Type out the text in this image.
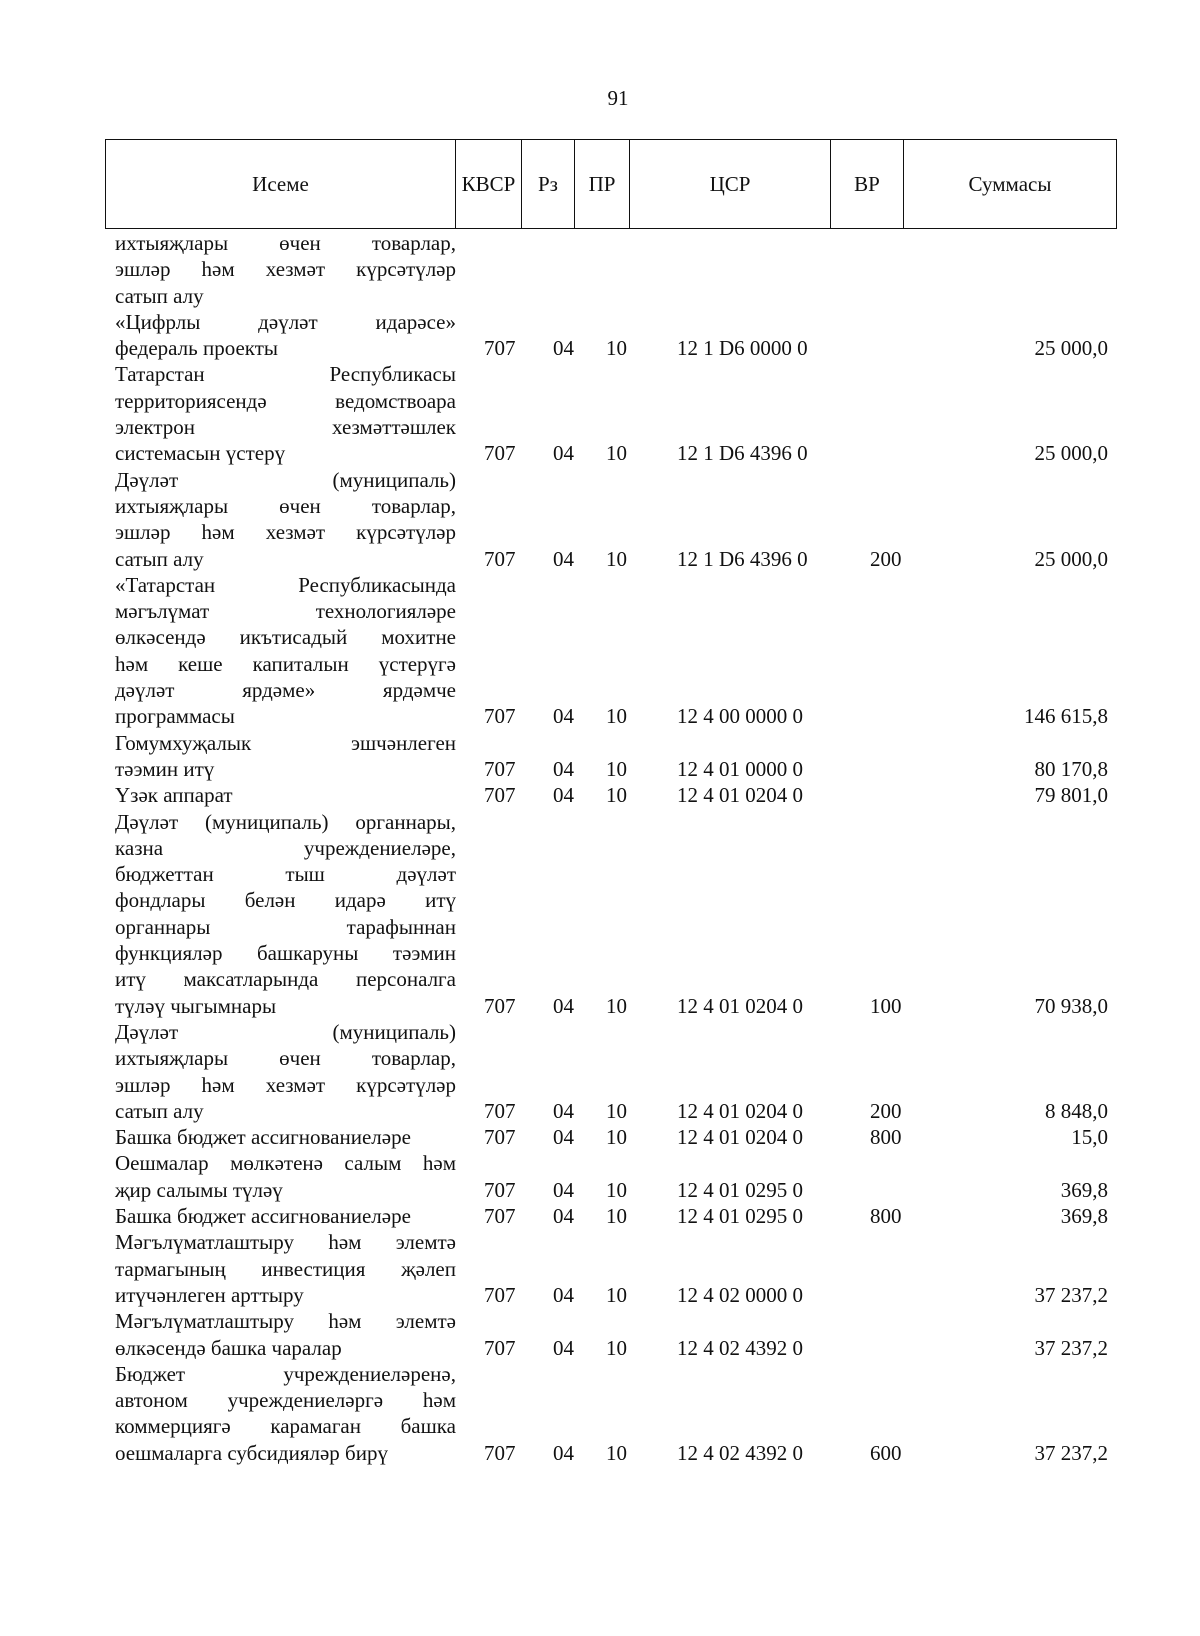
91
Исеме	КВСР	Рз	ПР	ЦСР	ВР	Суммасы
ихтыяҗлары өчен товарлар,
эшләр һәм хезмәт күрсәтүләр
сатып алу
«Цифрлы дәүләт идарәсе»
федераль проекты	707 04 10 12 1 D6 0000 0	25 000,0
Татарстан Республикасы
территориясендә ведомствоара
электрон хезмәттәшлек
системасын үстерү	707 04 10 12 1 D6 4396 0	25 000,0
Дәүләт (муниципаль)
ихтыяҗлары өчен товарлар,
эшләр һәм хезмәт күрсәтүләр
сатып алу	707 04 10 12 1 D6 4396 0	200	25 000,0
«Татарстан Республикасында
мәгълүмат технологияләре
өлкәсендә икътисадый мохитне
һәм кеше капиталын үстерүгә
дәүләт ярдәме» ярдәмче
программасы	707 04 10 12 4 00 0000 0	146 615,8
Гомумхуҗалык эшчәнлеген
тәэмин итү	707 04 10 12 4 01 0000 0	80 170,8
Үзәк аппарат	707 04 10 12 4 01 0204 0	79 801,0
Дәүләт (муниципаль) органнары,
казна учреждениеләре,
бюджеттан тыш дәүләт
фондлары белән идарә итү
органнары тарафыннан
функцияләр башкаруны тәэмин
итү максатларында персоналга
түләү чыгымнары	707 04 10 12 4 01 0204 0	100	70 938,0
Дәүләт (муниципаль)
ихтыяҗлары өчен товарлар,
эшләр һәм хезмәт күрсәтүләр
сатып алу	707 04 10 12 4 01 0204 0	200	8 848,0
Башка бюджет ассигнованиеләре	707 04 10 12 4 01 0204 0	800	15,0
Оешмалар мөлкәтенә салым һәм
җир салымы түләү	707 04 10 12 4 01 0295 0	369,8
Башка бюджет ассигнованиеләре	707 04 10 12 4 01 0295 0	800	369,8
Мәгълүматлаштыру һәм элемтә
тармагының инвестиция җәлеп
итүчәнлеген арттыру	707 04 10 12 4 02 0000 0	37 237,2
Мәгълүматлаштыру һәм элемтә
өлкәсендә башка чаралар	707 04 10 12 4 02 4392 0	37 237,2
Бюджет учреждениеләренә,
автоном учреждениеләргә һәм
коммерциягә карамаган башка
оешмаларга субсидияләр бирү	707 04 10 12 4 02 4392 0	600	37 237,2
